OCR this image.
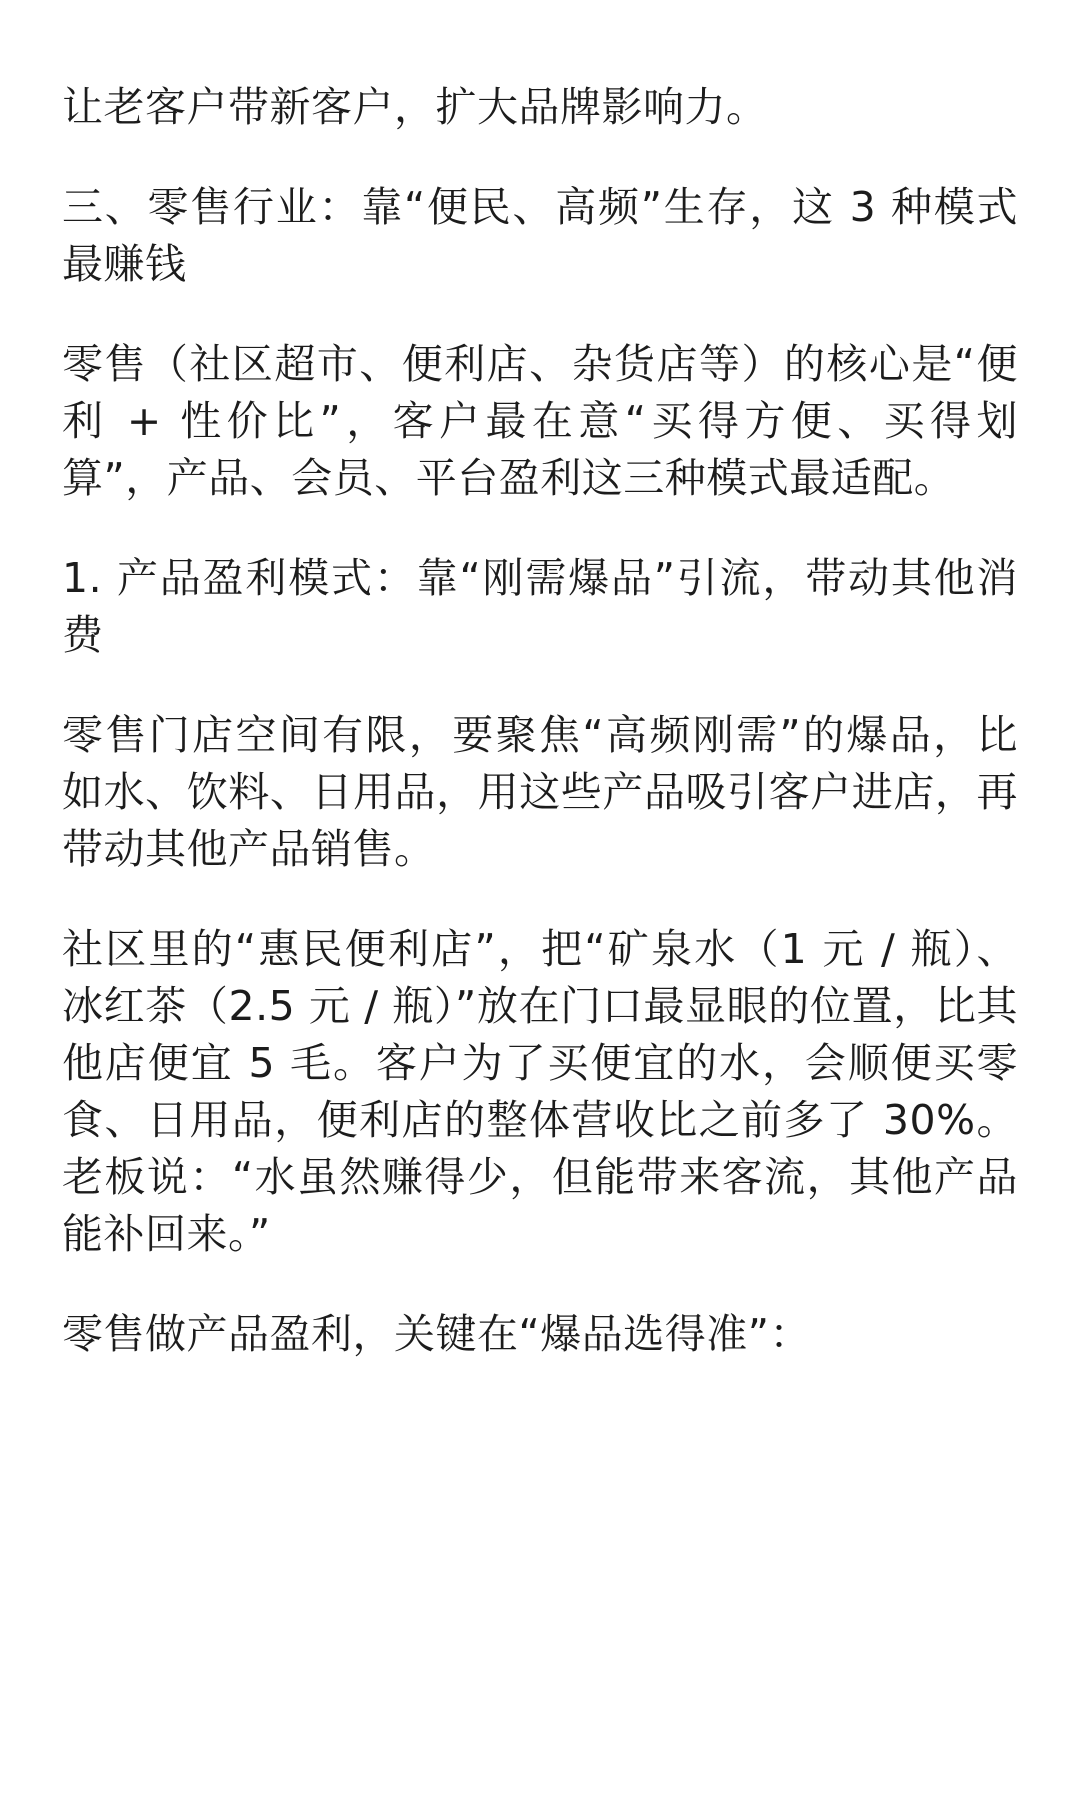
让老客户带新客户，扩大品牌影响力。

三、零售行业：靠“便民、高频”生存，这 3 种模式最赚钱

零售（社区超市、便利店、杂货店等）的核心是“便利 + 性价比”，客户最在意“买得方便、买得划算”，产品、会员、平台盈利这三种模式最适配。

1. 产品盈利模式：靠“刚需爆品”引流，带动其他消费

零售门店空间有限，要聚焦“高频刚需”的爆品，比如水、饮料、日用品，用这些产品吸引客户进店，再带动其他产品销售。

社区里的“惠民便利店”，把“矿泉水（1 元 / 瓶）、冰红茶（2.5 元 / 瓶）”放在门口最显眼的位置，比其他店便宜 5 毛。客户为了买便宜的水，会顺便买零食、日用品，便利店的整体营收比之前多了 30%。老板说：“水虽然赚得少，但能带来客流，其他产品能补回来。”

零售做产品盈利，关键在“爆品选得准”：
